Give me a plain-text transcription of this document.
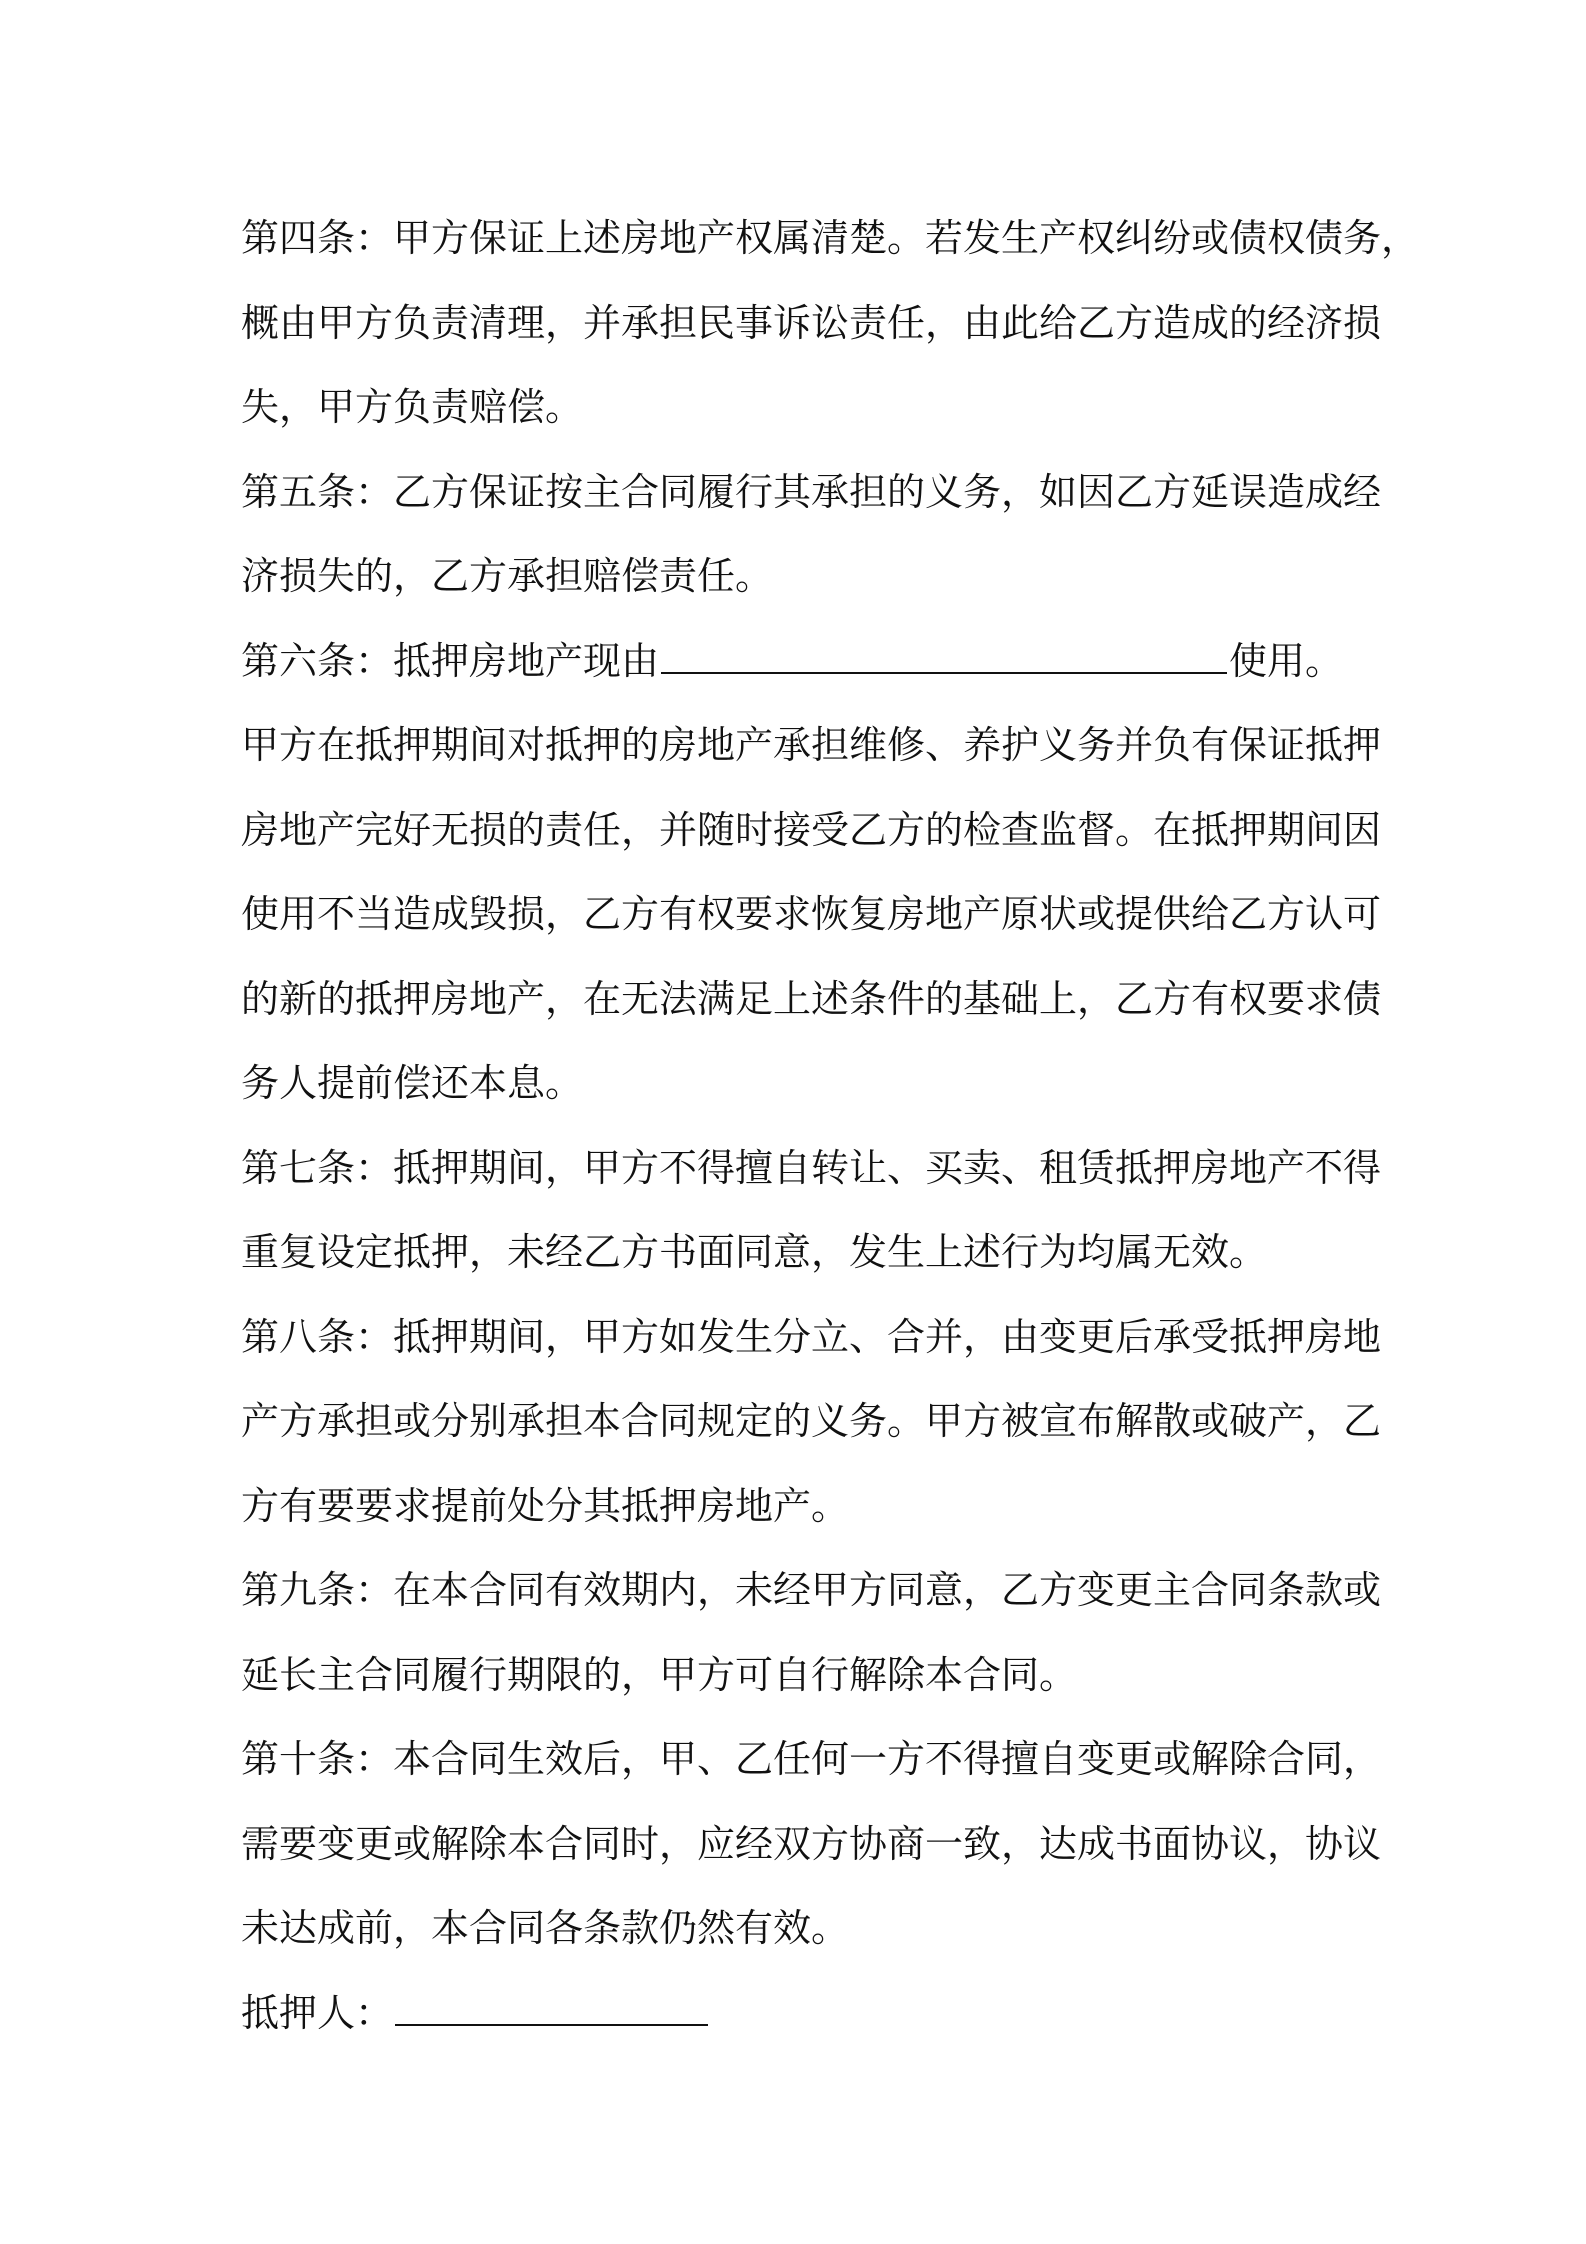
第四条：甲方保证上述房地产权属清楚。若发生产权纠纷或债权债务，
概由甲方负责清理，并承担民事诉讼责任，由此给乙方造成的经济损
失，甲方负责赔偿。
第五条：乙方保证按主合同履行其承担的义务，如因乙方延误造成经
济损失的，乙方承担赔偿责任。
第六条：抵押房地产现由	使用。
甲方在抵押期间对抵押的房地产承担维修、养护义务并负有保证抵押
房地产完好无损的责任，并随时接受乙方的检查监督。在抵押期间因
使用不当造成毁损，乙方有权要求恢复房地产原状或提供给乙方认可
的新的抵押房地产，在无法满足上述条件的基础上，乙方有权要求债
务人提前偿还本息。
第七条：抵押期间，甲方不得擅自转让、买卖、租赁抵押房地产不得
重复设定抵押，未经乙方书面同意，发生上述行为均属无效。
第八条：抵押期间，甲方如发生分立、合并，由变更后承受抵押房地
产方承担或分别承担本合同规定的义务。甲方被宣布解散或破产，乙
方有要要求提前处分其抵押房地产。
第九条：在本合同有效期内，未经甲方同意，乙方变更主合同条款或
延长主合同履行期限的，甲方可自行解除本合同。
第十条：本合同生效后，甲、乙任何一方不得擅自变更或解除合同，
需要变更或解除本合同时，应经双方协商一致，达成书面协议，协议
未达成前，本合同各条款仍然有效。
抵押人：
